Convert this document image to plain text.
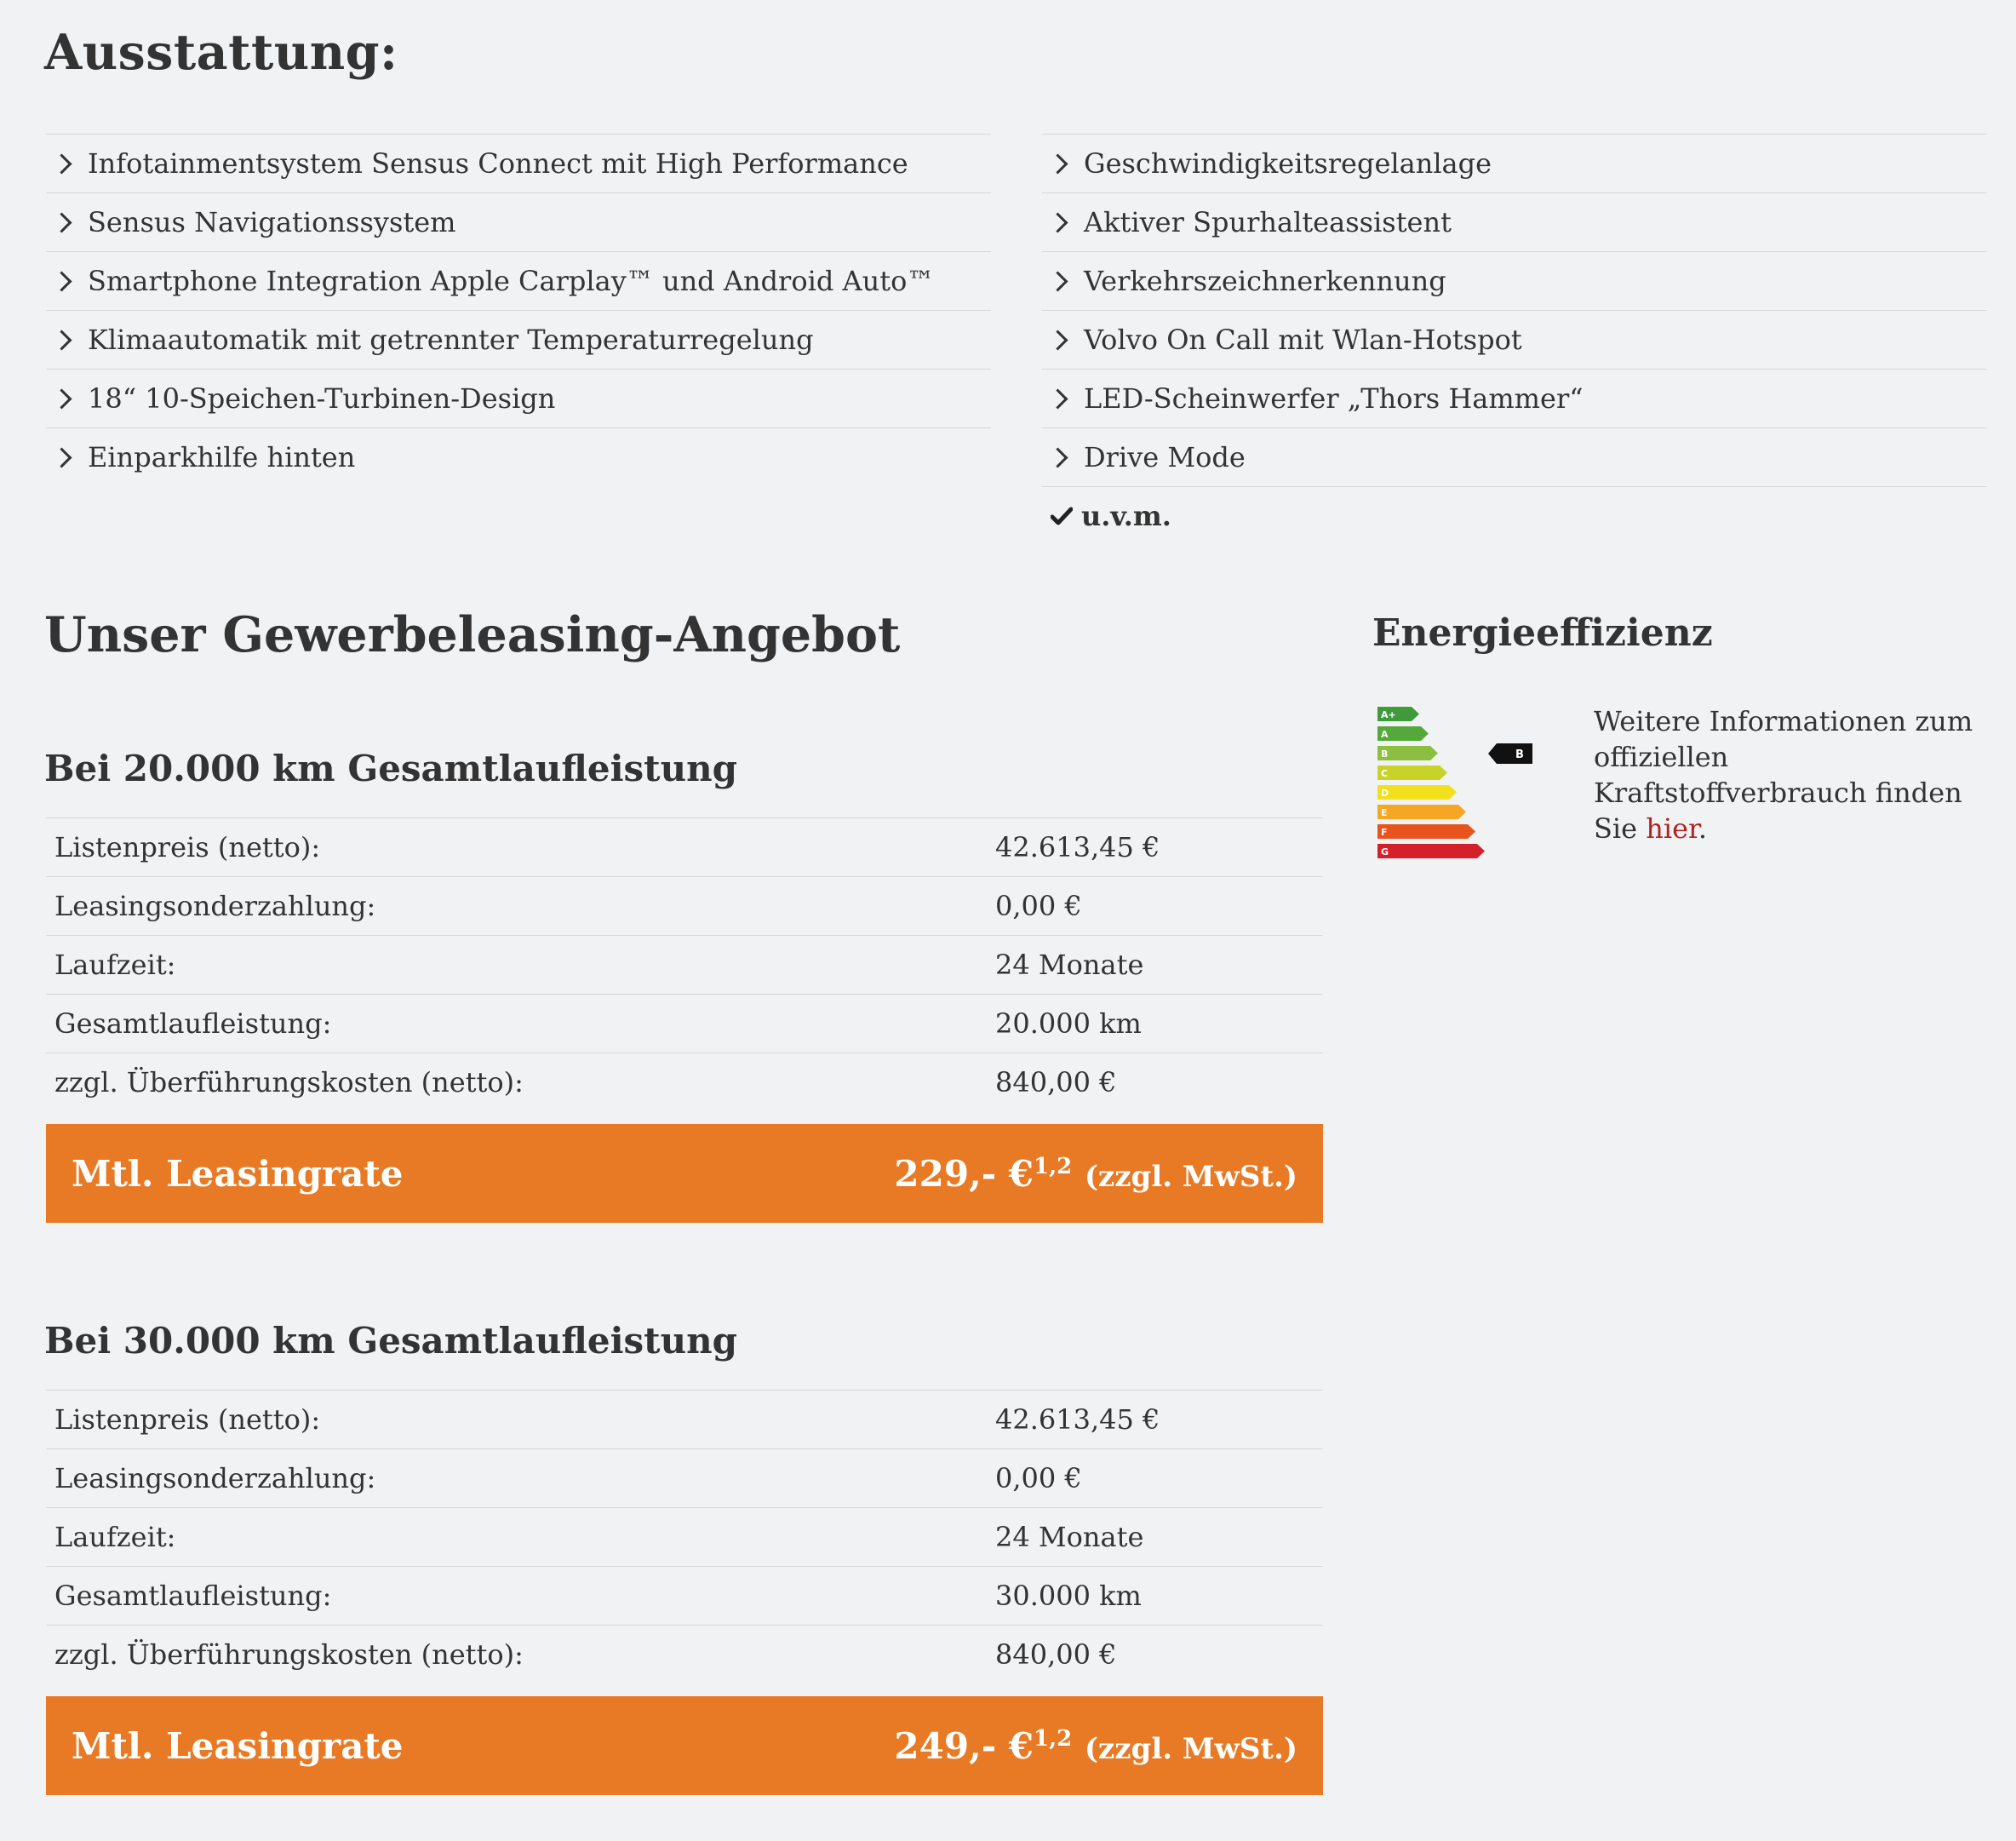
Ausstattung:
Infotainmentsystem Sensus Connect mit High Performance
Sensus Navigationssystem
Smartphone Integration Apple Carplay™ und Android Auto™
Klimaautomatik mit getrennter Temperaturregelung
18“ 10-Speichen-Turbinen-Design
Einparkhilfe hinten
Geschwindigkeitsregelanlage
Aktiver Spurhalteassistent
Verkehrszeichnerkennung
Volvo On Call mit Wlan-Hotspot
LED-Scheinwerfer „Thors Hammer“
Drive Mode
u.v.m.
Unser Gewerbeleasing-Angebot
Bei 20.000 km Gesamtlaufleistung
Listenpreis (netto):	42.613,45 €
Leasingsonderzahlung:	0,00 €
Laufzeit:	24 Monate
Gesamtlaufleistung:	20.000 km
zzgl. Überführungskosten (netto):	840,00 €
Mtl. Leasingrate	229,- €$^{1,2}$ (zzgl. MwSt.)
Bei 30.000 km Gesamtlaufleistung
Listenpreis (netto):	42.613,45 €
Leasingsonderzahlung:	0,00 €
Laufzeit:	24 Monate
Gesamtlaufleistung:	30.000 km
zzgl. Überführungskosten (netto):	840,00 €
Mtl. Leasingrate	249,- €$^{1,2}$ (zzgl. MwSt.)
Energieeffizienz
A+
A
B
C
D
E
F
G
B
Weitere Informationen zum offiziellen Kraftstoffverbrauch finden Sie hier.
